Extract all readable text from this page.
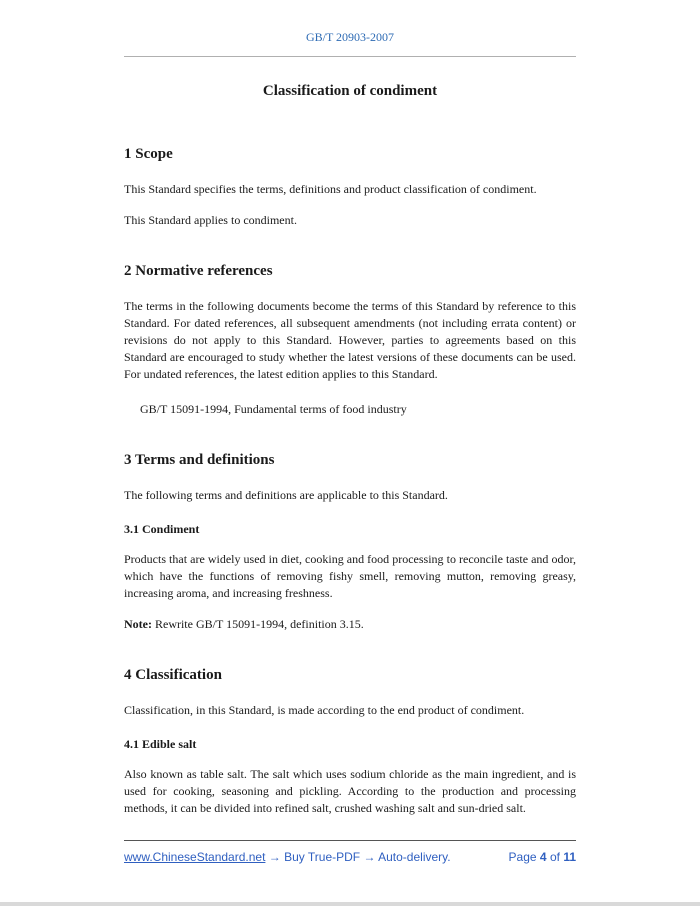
GB/T 20903-2007
Classification of condiment
1 Scope

This Standard specifies the terms, definitions and product classification of condiment.

This Standard applies to condiment.

2 Normative references

The terms in the following documents become the terms of this Standard by reference to this Standard. For dated references, all subsequent amendments (not including errata content) or revisions do not apply to this Standard. However, parties to agreements based on this Standard are encouraged to study whether the latest versions of these documents can be used. For undated references, the latest edition applies to this Standard.

GB/T 15091-1994, Fundamental terms of food industry

3 Terms and definitions

The following terms and definitions are applicable to this Standard.

3.1 Condiment

Products that are widely used in diet, cooking and food processing to reconcile taste and odor, which have the functions of removing fishy smell, removing mutton, removing greasy, increasing aroma, and increasing freshness.

Note: Rewrite GB/T 15091-1994, definition 3.15.

4 Classification

Classification, in this Standard, is made according to the end product of condiment.

4.1 Edible salt

Also known as table salt. The salt which uses sodium chloride as the main ingredient, and is used for cooking, seasoning and pickling. According to the production and processing methods, it can be divided into refined salt, crushed washing salt and sun-dried salt.

www.ChineseStandard.net → Buy True-PDF → Auto-delivery.	Page 4 of 11
